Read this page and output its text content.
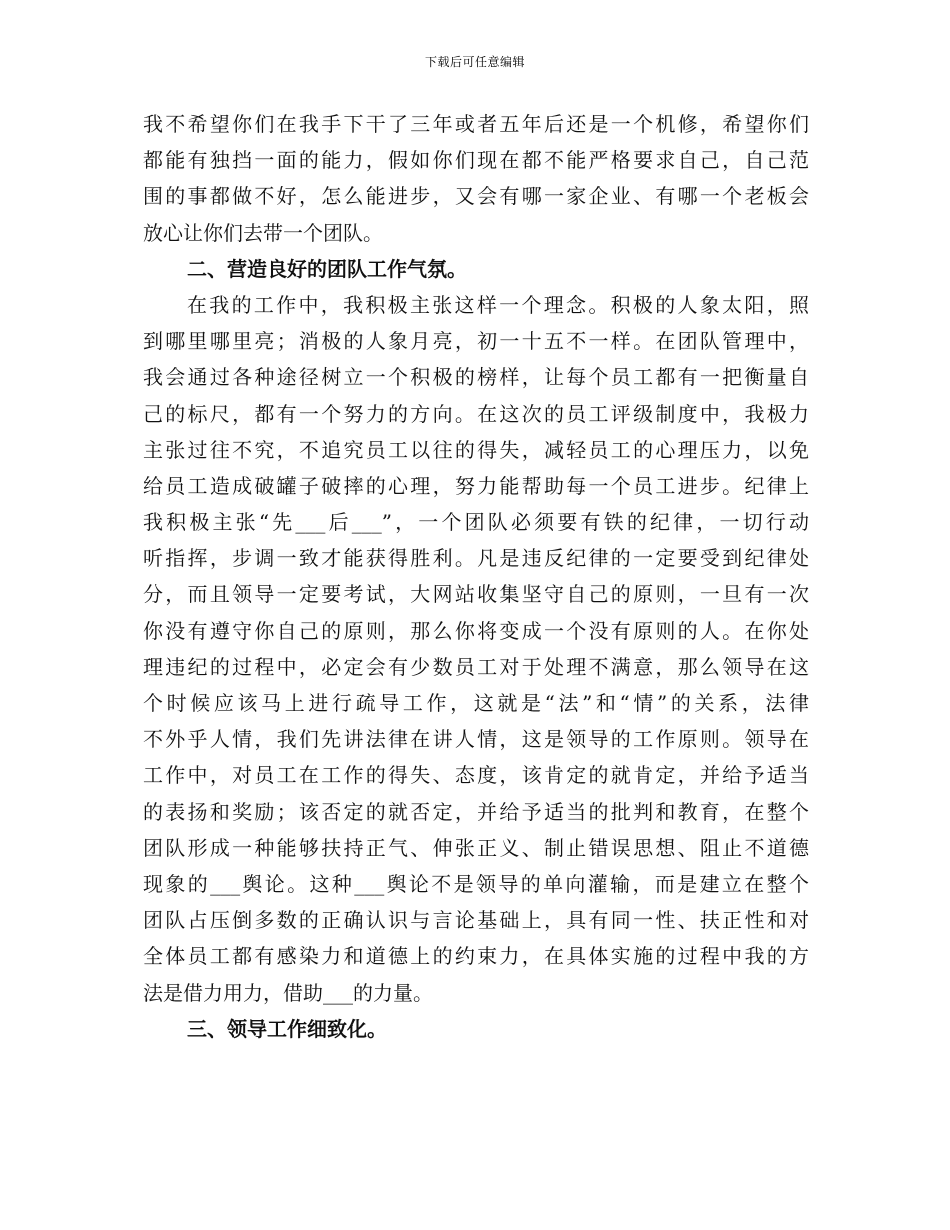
下载后可任意编辑
我不希望你们在我手下干了三年或者五年后还是一个机修，希望你们
都能有独挡一面的能力，假如你们现在都不能严格要求自己，自己范
围的事都做不好，怎么能进步，又会有哪一家企业、有哪一个老板会
放心让你们去带一个团队。
二、营造良好的团队工作气氛。
在我的工作中，我积极主张这样一个理念。积极的人象太阳，照
到哪里哪里亮；消极的人象月亮，初一十五不一样。在团队管理中，
我会通过各种途径树立一个积极的榜样，让每个员工都有一把衡量自
己的标尺，都有一个努力的方向。在这次的员工评级制度中，我极力
主张过往不究，不追究员工以往的得失，减轻员工的心理压力，以免
给员工造成破罐子破摔的心理，努力能帮助每一个员工进步。纪律上
我积极主张“先___后___”，一个团队必须要有铁的纪律，一切行动
听指挥，步调一致才能获得胜利。凡是违反纪律的一定要受到纪律处
分，而且领导一定要考试，大网站收集坚守自己的原则，一旦有一次
你没有遵守你自己的原则，那么你将变成一个没有原则的人。在你处
理违纪的过程中，必定会有少数员工对于处理不满意，那么领导在这
个时候应该马上进行疏导工作，这就是“法”和“情”的关系，法律
不外乎人情，我们先讲法律在讲人情，这是领导的工作原则。领导在
工作中，对员工在工作的得失、态度，该肯定的就肯定，并给予适当
的表扬和奖励；该否定的就否定，并给予适当的批判和教育，在整个
团队形成一种能够扶持正气、伸张正义、制止错误思想、阻止不道德
现象的___舆论。这种___舆论不是领导的单向灌输，而是建立在整个
团队占压倒多数的正确认识与言论基础上，具有同一性、扶正性和对
全体员工都有感染力和道德上的约束力，在具体实施的过程中我的方
法是借力用力，借助___的力量。
三、领导工作细致化。
